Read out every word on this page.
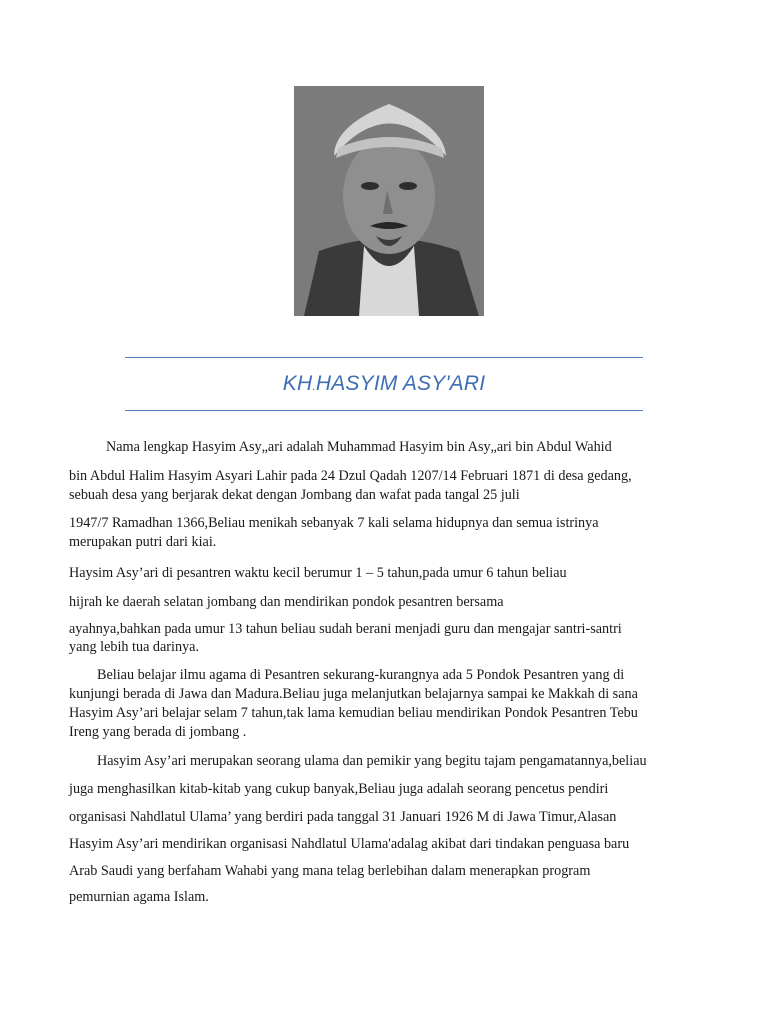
KH.HASYIM ASY'ARI
Nama lengkap Hasyim Asy„ari adalah Muhammad Hasyim bin Asy„ari bin Abdul Wahid
bin Abdul Halim Hasyim Asyari Lahir pada 24 Dzul Qadah 1207/14 Februari 1871 di desa gedang,
sebuah desa yang berjarak dekat dengan Jombang dan wafat pada tangal 25 juli
1947/7 Ramadhan 1366,Beliau menikah sebanyak 7 kali selama hidupnya dan semua istrinya
merupakan putri dari kiai.
Haysim Asy’ari di pesantren waktu kecil berumur 1 – 5 tahun,pada umur 6 tahun beliau
hijrah ke daerah selatan jombang dan mendirikan pondok pesantren bersama
ayahnya,bahkan pada umur 13 tahun beliau sudah berani menjadi guru dan mengajar santri-santri
yang lebih tua darinya.
Beliau belajar ilmu agama di Pesantren sekurang-kurangnya ada 5 Pondok Pesantren yang di
kunjungi berada di Jawa dan Madura.Beliau juga melanjutkan belajarnya sampai ke Makkah di sana
Hasyim Asy’ari belajar selam 7 tahun,tak lama kemudian beliau mendirikan Pondok Pesantren Tebu
Ireng yang berada di jombang .
Hasyim Asy’ari merupakan seorang ulama dan pemikir yang begitu tajam pengamatannya,beliau
juga menghasilkan kitab-kitab yang cukup banyak,Beliau juga adalah seorang pencetus pendiri
organisasi Nahdlatul Ulama’ yang berdiri pada tanggal 31 Januari 1926 M di Jawa Timur,Alasan
Hasyim Asy’ari mendirikan organisasi Nahdlatul Ulama'adalag akibat dari tindakan penguasa baru
Arab Saudi yang berfaham Wahabi yang mana telag berlebihan dalam menerapkan program
pemurnian agama Islam.
